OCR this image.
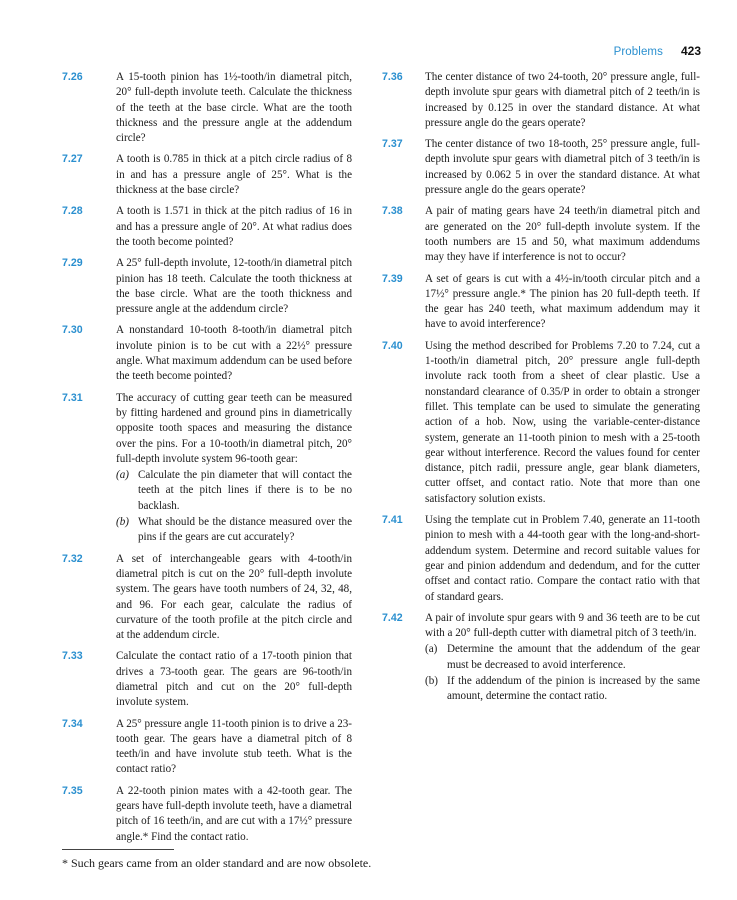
Problems 423
7.26	A 15-tooth pinion has 1½-tooth/in diametral pitch, 20° full-depth involute teeth. Calculate the thickness of the teeth at the base circle. What are the tooth thickness and the pressure angle at the addendum circle?
7.27	A tooth is 0.785 in thick at a pitch circle radius of 8 in and has a pressure angle of 25°. What is the thickness at the base circle?
7.28	A tooth is 1.571 in thick at the pitch radius of 16 in and has a pressure angle of 20°. At what radius does the tooth become pointed?
7.29	A 25° full-depth involute, 12-tooth/in diametral pitch pinion has 18 teeth. Calculate the tooth thickness at the base circle. What are the tooth thickness and pressure angle at the addendum circle?
7.30	A nonstandard 10-tooth 8-tooth/in diametral pitch involute pinion is to be cut with a 22½° pressure angle. What maximum addendum can be used before the teeth become pointed?
7.31	The accuracy of cutting gear teeth can be measured by fitting hardened and ground pins in diametrically opposite tooth spaces and measuring the distance over the pins. For a 10-tooth/in diametral pitch, 20° full-depth involute system 96-tooth gear:
(a) Calculate the pin diameter that will contact the teeth at the pitch lines if there is to be no backlash.
(b) What should be the distance measured over the pins if the gears are cut accurately?
7.32	A set of interchangeable gears with 4-tooth/in diametral pitch is cut on the 20° full-depth involute system. The gears have tooth numbers of 24, 32, 48, and 96. For each gear, calculate the radius of curvature of the tooth profile at the pitch circle and at the addendum circle.
7.33	Calculate the contact ratio of a 17-tooth pinion that drives a 73-tooth gear. The gears are 96-tooth/in diametral pitch and cut on the 20° full-depth involute system.
7.34	A 25° pressure angle 11-tooth pinion is to drive a 23-tooth gear. The gears have a diametral pitch of 8 teeth/in and have involute stub teeth. What is the contact ratio?
7.35	A 22-tooth pinion mates with a 42-tooth gear. The gears have full-depth involute teeth, have a diametral pitch of 16 teeth/in, and are cut with a 17½° pressure angle.* Find the contact ratio.
7.36 The center distance of two 24-tooth, 20° pressure angle, full-depth involute spur gears with diametral pitch of 2 teeth/in is increased by 0.125 in over the standard distance. At what pressure angle do the gears operate?
7.37 The center distance of two 18-tooth, 25° pressure angle, full-depth involute spur gears with diametral pitch of 3 teeth/in is increased by 0.062 5 in over the standard distance. At what pressure angle do the gears operate?
7.38 A pair of mating gears have 24 teeth/in diametral pitch and are generated on the 20° full-depth involute system. If the tooth numbers are 15 and 50, what maximum addendums may they have if interference is not to occur?
7.39 A set of gears is cut with a 4½-in/tooth circular pitch and a 17½° pressure angle.* The pinion has 20 full-depth teeth. If the gear has 240 teeth, what maximum addendum may it have to avoid interference?
7.40 Using the method described for Problems 7.20 to 7.24, cut a 1-tooth/in diametral pitch, 20° pressure angle full-depth involute rack tooth from a sheet of clear plastic. Use a nonstandard clearance of 0.35/P in order to obtain a stronger fillet. This template can be used to simulate the generating action of a hob. Now, using the variable-center-distance system, generate an 11-tooth pinion to mesh with a 25-tooth gear without interference. Record the values found for center distance, pitch radii, pressure angle, gear blank diameters, cutter offset, and contact ratio. Note that more than one satisfactory solution exists.
7.41 Using the template cut in Problem 7.40, generate an 11-tooth pinion to mesh with a 44-tooth gear with the long-and-short-addendum system. Determine and record suitable values for gear and pinion addendum and dedendum, and for the cutter offset and contact ratio. Compare the contact ratio with that of standard gears.
7.42 A pair of involute spur gears with 9 and 36 teeth are to be cut with a 20° full-depth cutter with diametral pitch of 3 teeth/in.
(a) Determine the amount that the addendum of the gear must be decreased to avoid interference.
(b) If the addendum of the pinion is increased by the same amount, determine the contact ratio.
* Such gears came from an older standard and are now obsolete.
